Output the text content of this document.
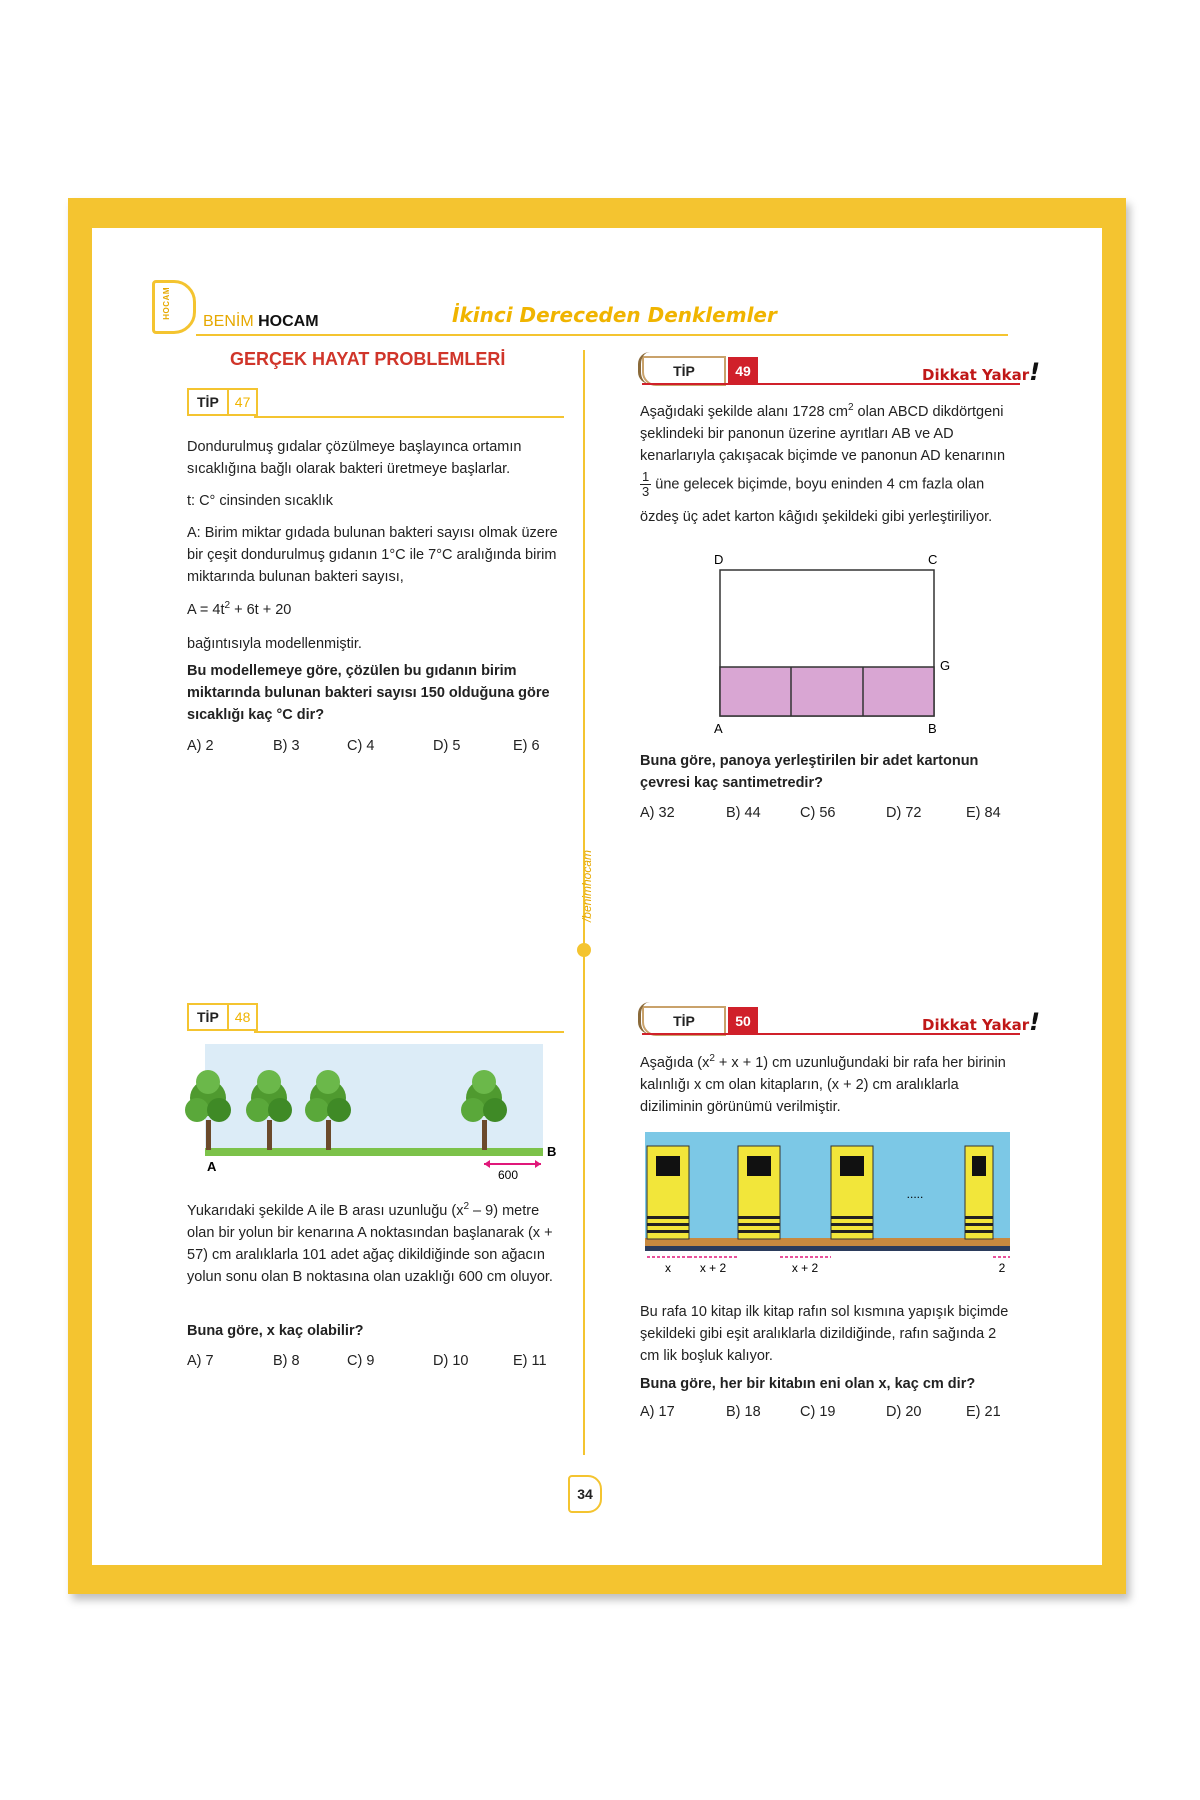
HOCAM
BENİM HOCAM	İkinci Dereceden Denklemler
GERÇEK HAYAT PROBLEMLERİ
/benimhocam
TİP	47
Dondurulmuş gıdalar çözülmeye başlayınca ortamın sıcaklığına bağlı olarak bakteri üretmeye başlarlar.
t: C° cinsinden sıcaklık
A: Birim miktar gıdada bulunan bakteri sayısı olmak üzere bir çeşit dondurulmuş gıdanın 1°C ile 7°C aralığında birim miktarında bulunan bakteri sayısı,
$A = 4t^2 + 6t + 20$
bağıntısıyla modellenmiştir.
Bu modellemeye göre, çözülen bu gıdanın birim miktarında bulunan bakteri sayısı 150 olduğuna göre sıcaklığı kaç °C dir?
A) 2	B) 3	C) 4	D) 5	E) 6
TİP	49	Dikkat Yakar!
Aşağıdaki şekilde alanı 1728 $cm^2$ olan ABCD dikdörtgeni şeklindeki bir panonun üzerine ayrıtları AB ve AD kenarlarıyla çakışacak biçimde ve panonun AD kenarının
$\frac{1}{3}$ üne gelecek biçimde, boyu eninden 4 cm fazla olan
özdeş üç adet karton kâğıdı şekildeki gibi yerleştiriliyor.
D	C
G
A	B
Buna göre, panoya yerleştirilen bir adet kartonun çevresi kaç santimetredir?
A) 32	B) 44	C) 56	D) 72	E) 84
TİP	48
A
B
600
Yukarıdaki şekilde A ile B arası uzunluğu $(x^2 - 9)$ metre olan bir yolun bir kenarına A noktasından başlanarak (x + 57) cm aralıklarla 101 adet ağaç dikildiğinde son ağacın yolun sonu olan B noktasına olan uzaklığı 600 cm oluyor.
Buna göre, x kaç olabilir?
A) 7	B) 8	C) 9	D) 10	E) 11
TİP	50	Dikkat Yakar!
Aşağıda $(x^2 + x + 1)$ cm uzunluğundaki bir rafa her birinin kalınlığı x cm olan kitapların, (x + 2) cm aralıklarla diziliminin görünümü verilmiştir.
.....
x x + 2	x + 2	2
Bu rafa 10 kitap ilk kitap rafın sol kısmına yapışık biçimde şekildeki gibi eşit aralıklarla dizildiğinde, rafın sağında 2 cm lik boşluk kalıyor.
Buna göre, her bir kitabın eni olan x, kaç cm dir?
A) 17	B) 18	C) 19	D) 20	E) 21
34
